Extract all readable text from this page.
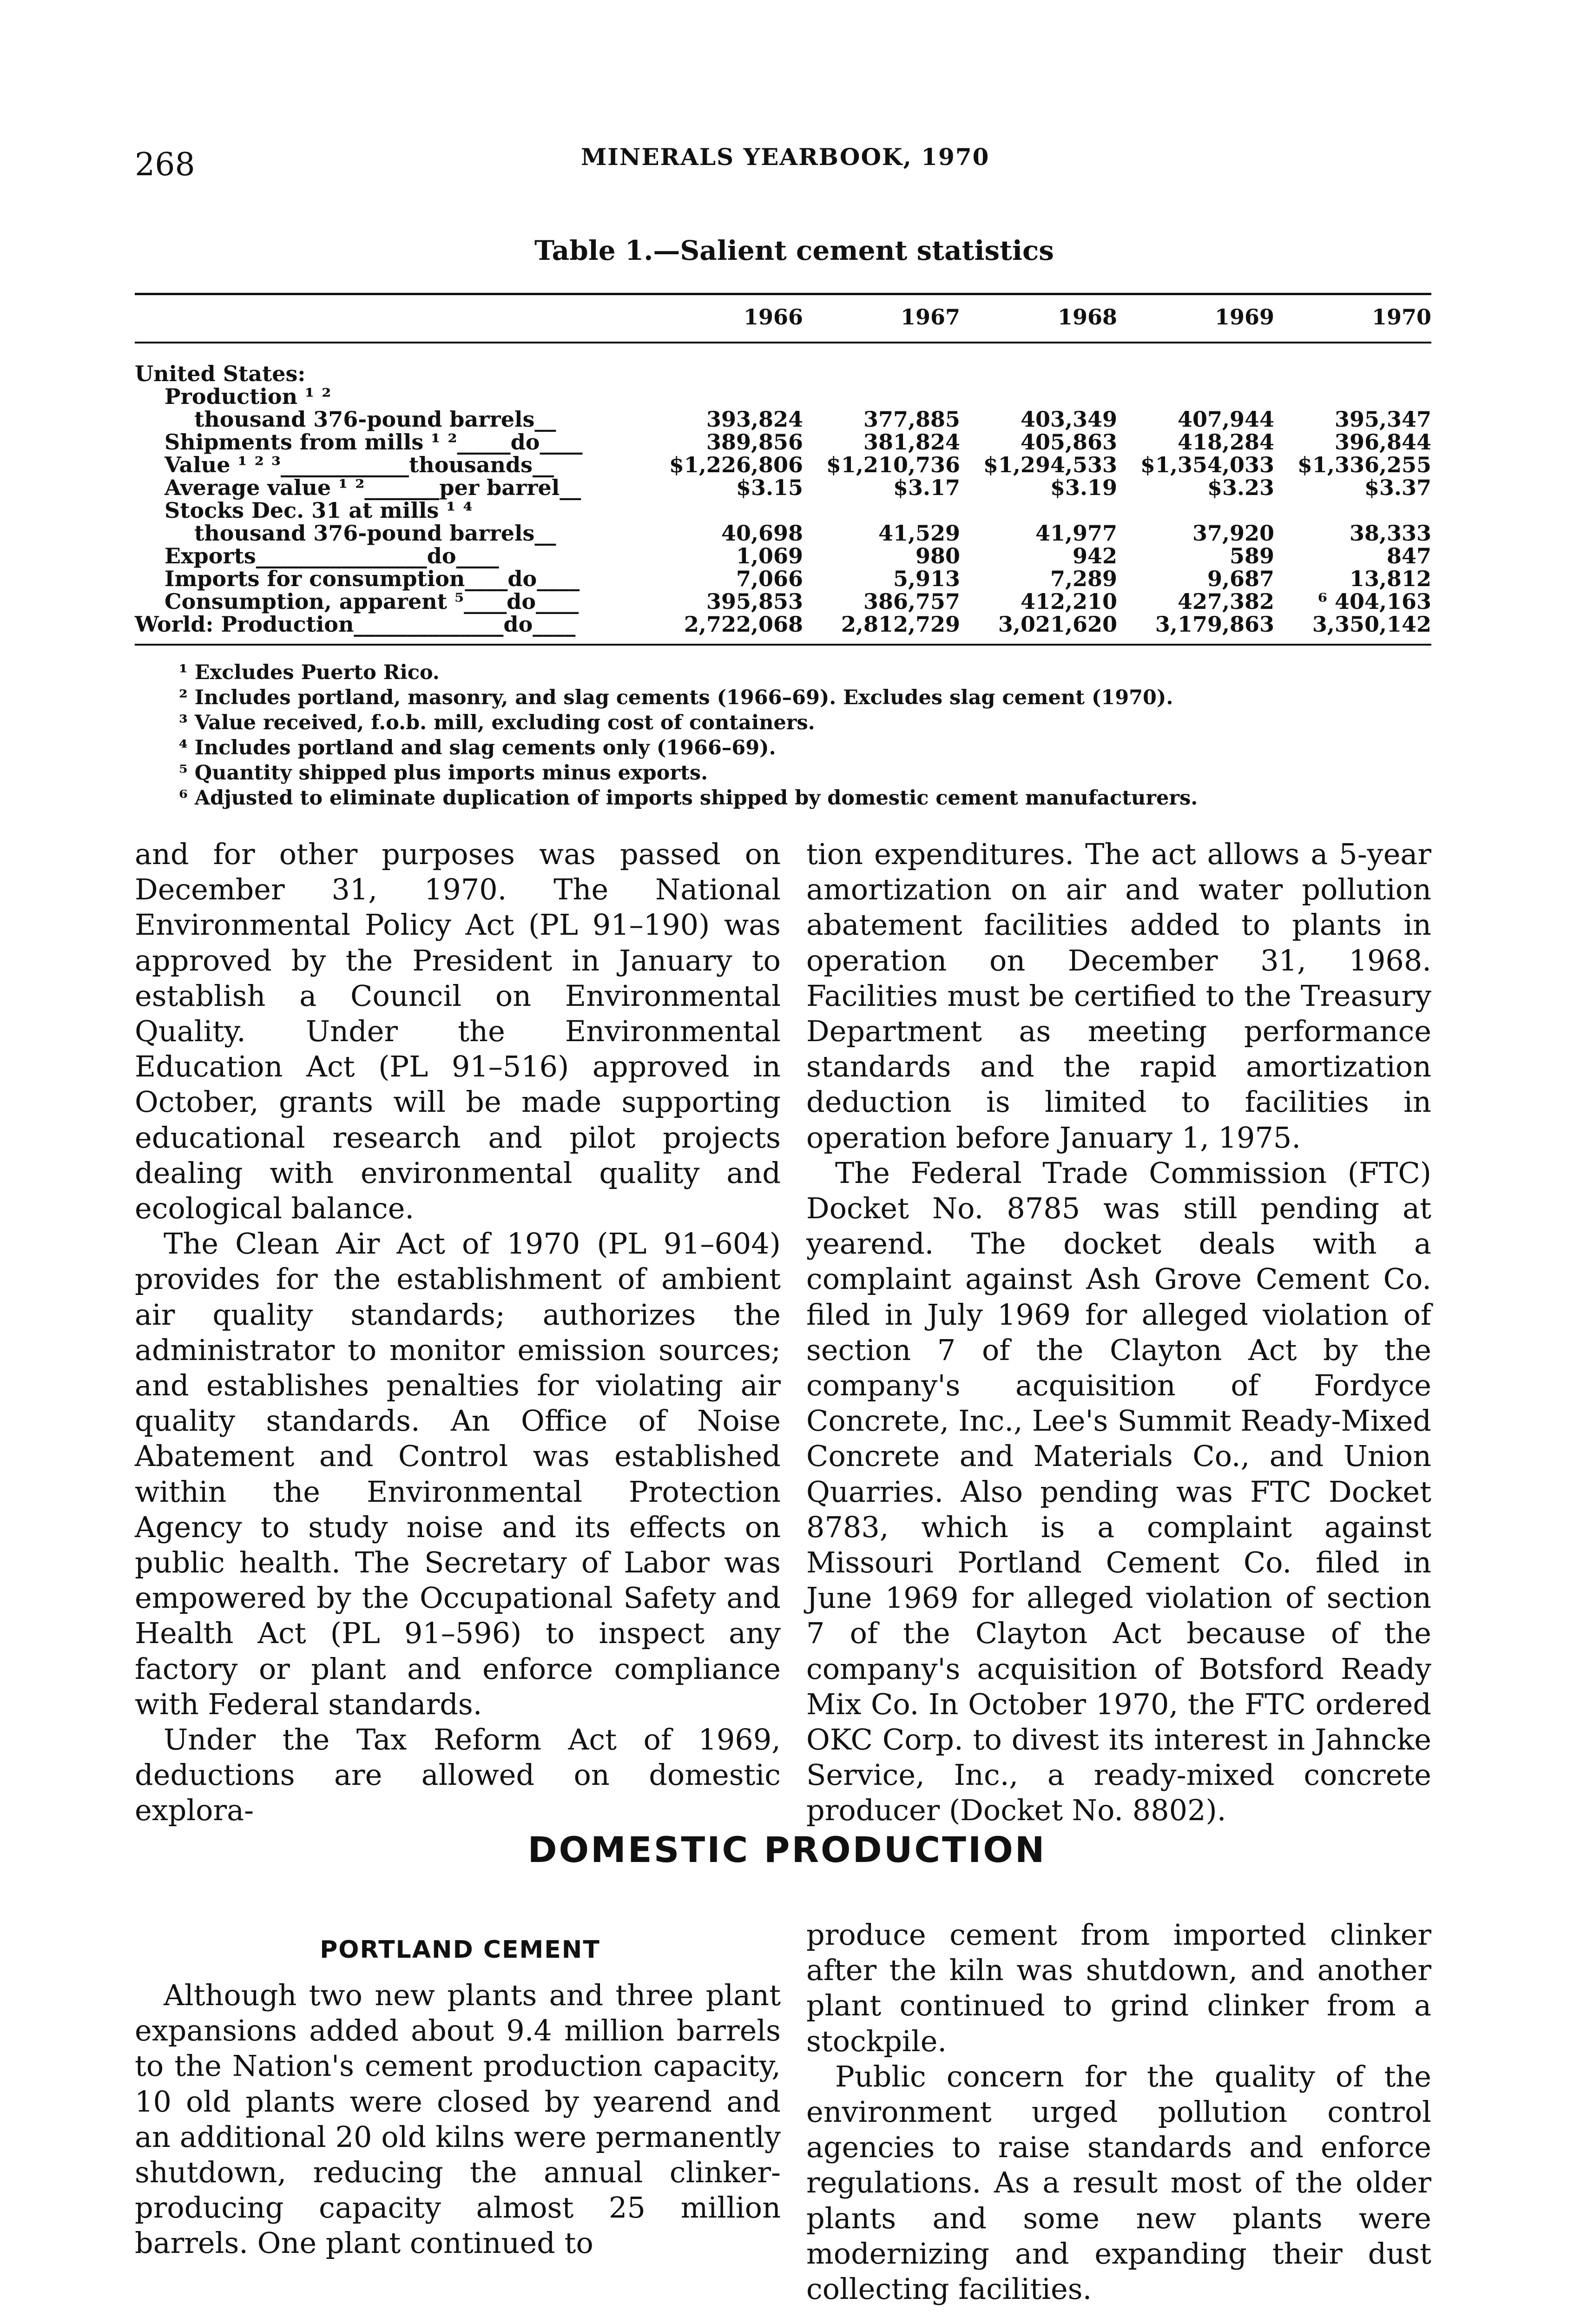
268	MINERALS YEARBOOK, 1970
Table 1.—Salient cement statistics
1966	1967	1968	1969	1970
United States:					
Production ¹ ²					
thousand 376-pound barrels__	393,824	377,885	403,349	407,944	395,347
Shipments from mills ¹ ²_____do____	389,856	381,824	405,863	418,284	396,844
Value ¹ ² ³____________thousands__	$1,226,806	$1,210,736	$1,294,533	$1,354,033	$1,336,255
Average value ¹ ²_______per barrel__	$3.15	$3.17	$3.19	$3.23	$3.37
Stocks Dec. 31 at mills ¹ ⁴					
thousand 376-pound barrels__	40,698	41,529	41,977	37,920	38,333
Exports________________do____	1,069	980	942	589	847
Imports for consumption____do____	7,066	5,913	7,289	9,687	13,812
Consumption, apparent ⁵____do____	395,853	386,757	412,210	427,382	⁶ 404,163
World: Production______________do____	2,722,068	2,812,729	3,021,620	3,179,863	3,350,142
¹ Excludes Puerto Rico.
² Includes portland, masonry, and slag cements (1966–69). Excludes slag cement (1970).
³ Value received, f.o.b. mill, excluding cost of containers.
⁴ Includes portland and slag cements only (1966–69).
⁵ Quantity shipped plus imports minus exports.
⁶ Adjusted to eliminate duplication of imports shipped by domestic cement manufacturers.

and for other purposes was passed on December 31, 1970. The National Environmental Policy Act (PL 91–190) was approved by the President in January to establish a Council on Environmental Quality. Under the Environmental Education Act (PL 91–516) approved in October, grants will be made supporting educational research and pilot projects dealing with environmental quality and ecological balance.

The Clean Air Act of 1970 (PL 91–604) provides for the establishment of ambient air quality standards; authorizes the administrator to monitor emission sources; and establishes penalties for violating air quality standards. An Office of Noise Abatement and Control was established within the Environmental Protection Agency to study noise and its effects on public health. The Secretary of Labor was empowered by the Occupational Safety and Health Act (PL 91–596) to inspect any factory or plant and enforce compliance with Federal standards.

Under the Tax Reform Act of 1969, deductions are allowed on domestic explora-

tion expenditures. The act allows a 5-year amortization on air and water pollution abatement facilities added to plants in operation on December 31, 1968. Facilities must be certified to the Treasury Department as meeting performance standards and the rapid amortization deduction is limited to facilities in operation before January 1, 1975.

The Federal Trade Commission (FTC) Docket No. 8785 was still pending at yearend. The docket deals with a complaint against Ash Grove Cement Co. filed in July 1969 for alleged violation of section 7 of the Clayton Act by the company's acquisition of Fordyce Concrete, Inc., Lee's Summit Ready-Mixed Concrete and Materials Co., and Union Quarries. Also pending was FTC Docket 8783, which is a complaint against Missouri Portland Cement Co. filed in June 1969 for alleged violation of section 7 of the Clayton Act because of the company's acquisition of Botsford Ready Mix Co. In October 1970, the FTC ordered OKC Corp. to divest its interest in Jahncke Service, Inc., a ready-mixed concrete producer (Docket No. 8802).

DOMESTIC PRODUCTION
PORTLAND CEMENT

Although two new plants and three plant expansions added about 9.4 million barrels to the Nation's cement production capacity, 10 old plants were closed by yearend and an additional 20 old kilns were permanently shutdown, reducing the annual clinker-producing capacity almost 25 million barrels. One plant continued to

produce cement from imported clinker after the kiln was shutdown, and another plant continued to grind clinker from a stockpile.

Public concern for the quality of the environment urged pollution control agencies to raise standards and enforce regulations. As a result most of the older plants and some new plants were modernizing and expanding their dust collecting facilities.
